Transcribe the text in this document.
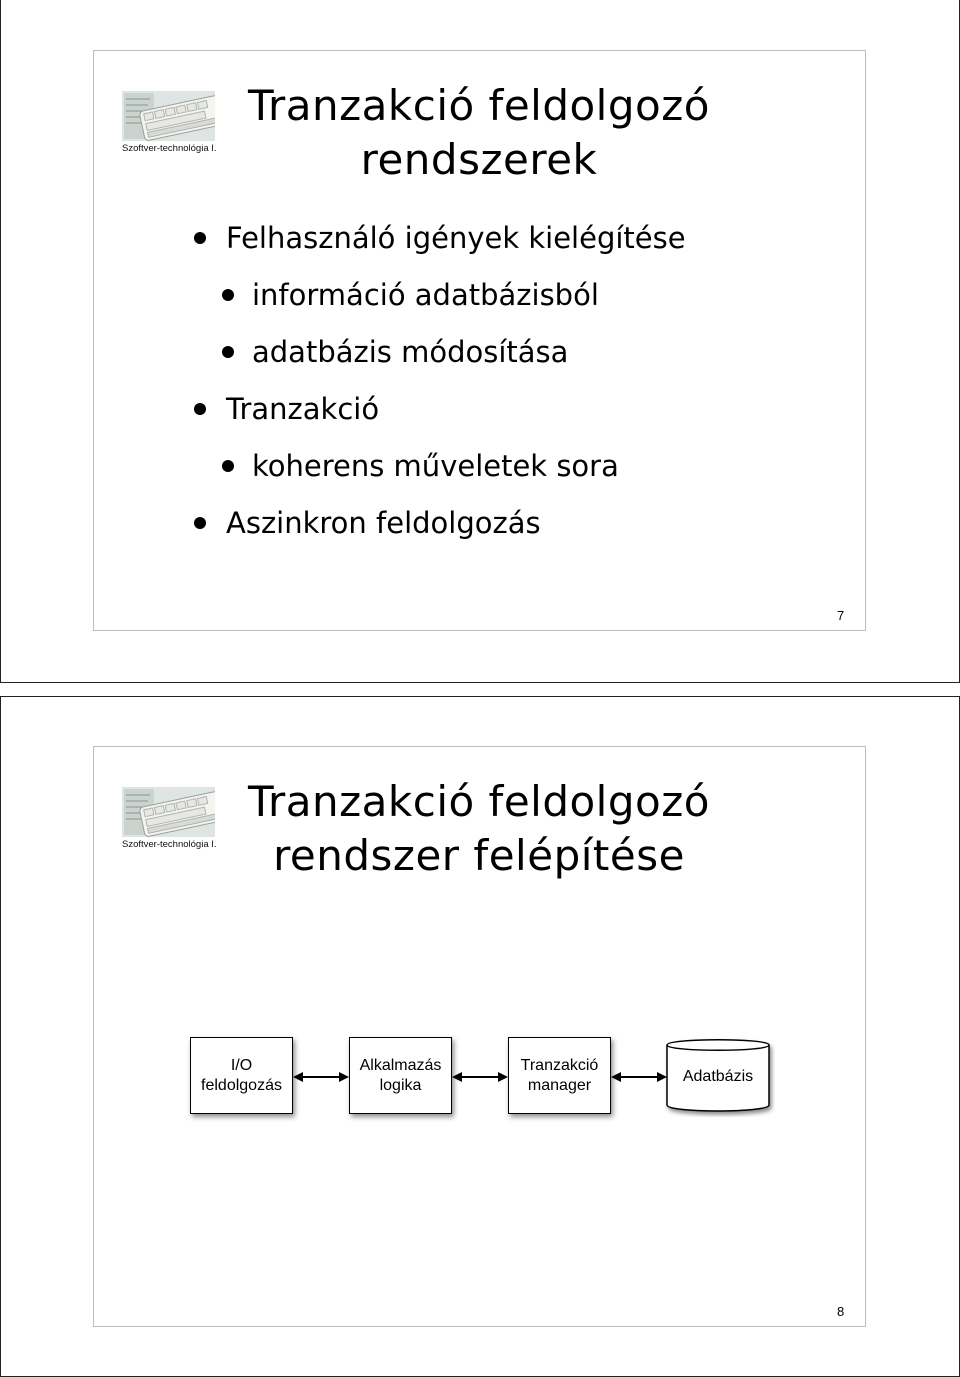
Szoftver-technológia I.
Tranzakció feldolgozó
rendszerek
Felhasználó igények kielégítése
információ adatbázisból
adatbázis módosítása
Tranzakció
koherens műveletek sora
Aszinkron feldolgozás
7
Szoftver-technológia I.
Tranzakció feldolgozó
rendszer felépítése
I/O
feldolgozás
Alkalmazás
logika
Tranzakció
manager	Adatbázis
8
